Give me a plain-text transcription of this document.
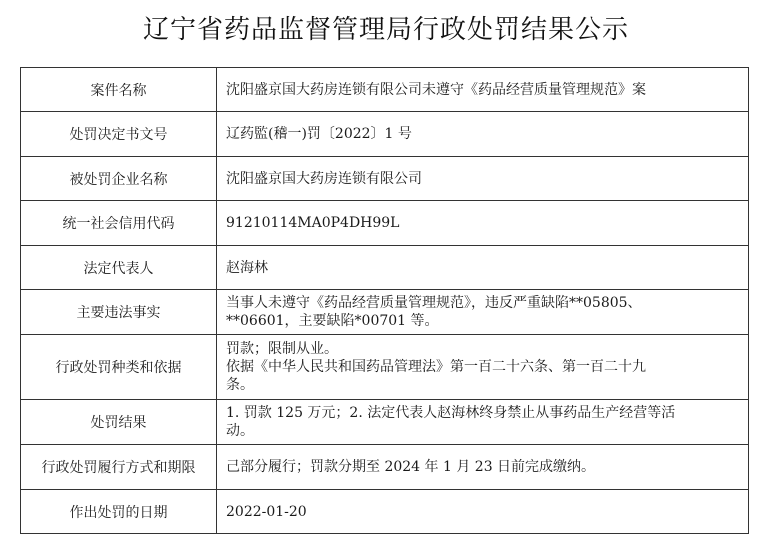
辽宁省药品监督管理局行政处罚结果公示
案件名称	沈阳盛京国大药房连锁有限公司未遵守《药品经营质量管理规范》案

处罚决定书文号	辽药監(稽一)罚〔2022〕1 号

被处罚企业名称	沈阳盛京国大药房连锁有限公司

统一社会信用代码	91210114MA0P4DH99L

法定代表人	赵海林

主要违法事实	当事人未遵守《药品经营质量管理规范》，违反严重缺陷**05805、
**06601，主要缺陷*00701 等。

行政处罚种类和依据	罚款；限制从业。
依据《中华人民共和国药品管理法》第一百二十六条、第一百二十九
条。

处罚结果	1. 罚款 125 万元；2. 法定代表人赵海林终身禁止从事药品生产经营等活
动。

行政处罚履行方式和期限	己部分履行；罚款分期至 2024 年 1 月 23 日前完成缴纳。

作出处罚的日期	2022-01-20
